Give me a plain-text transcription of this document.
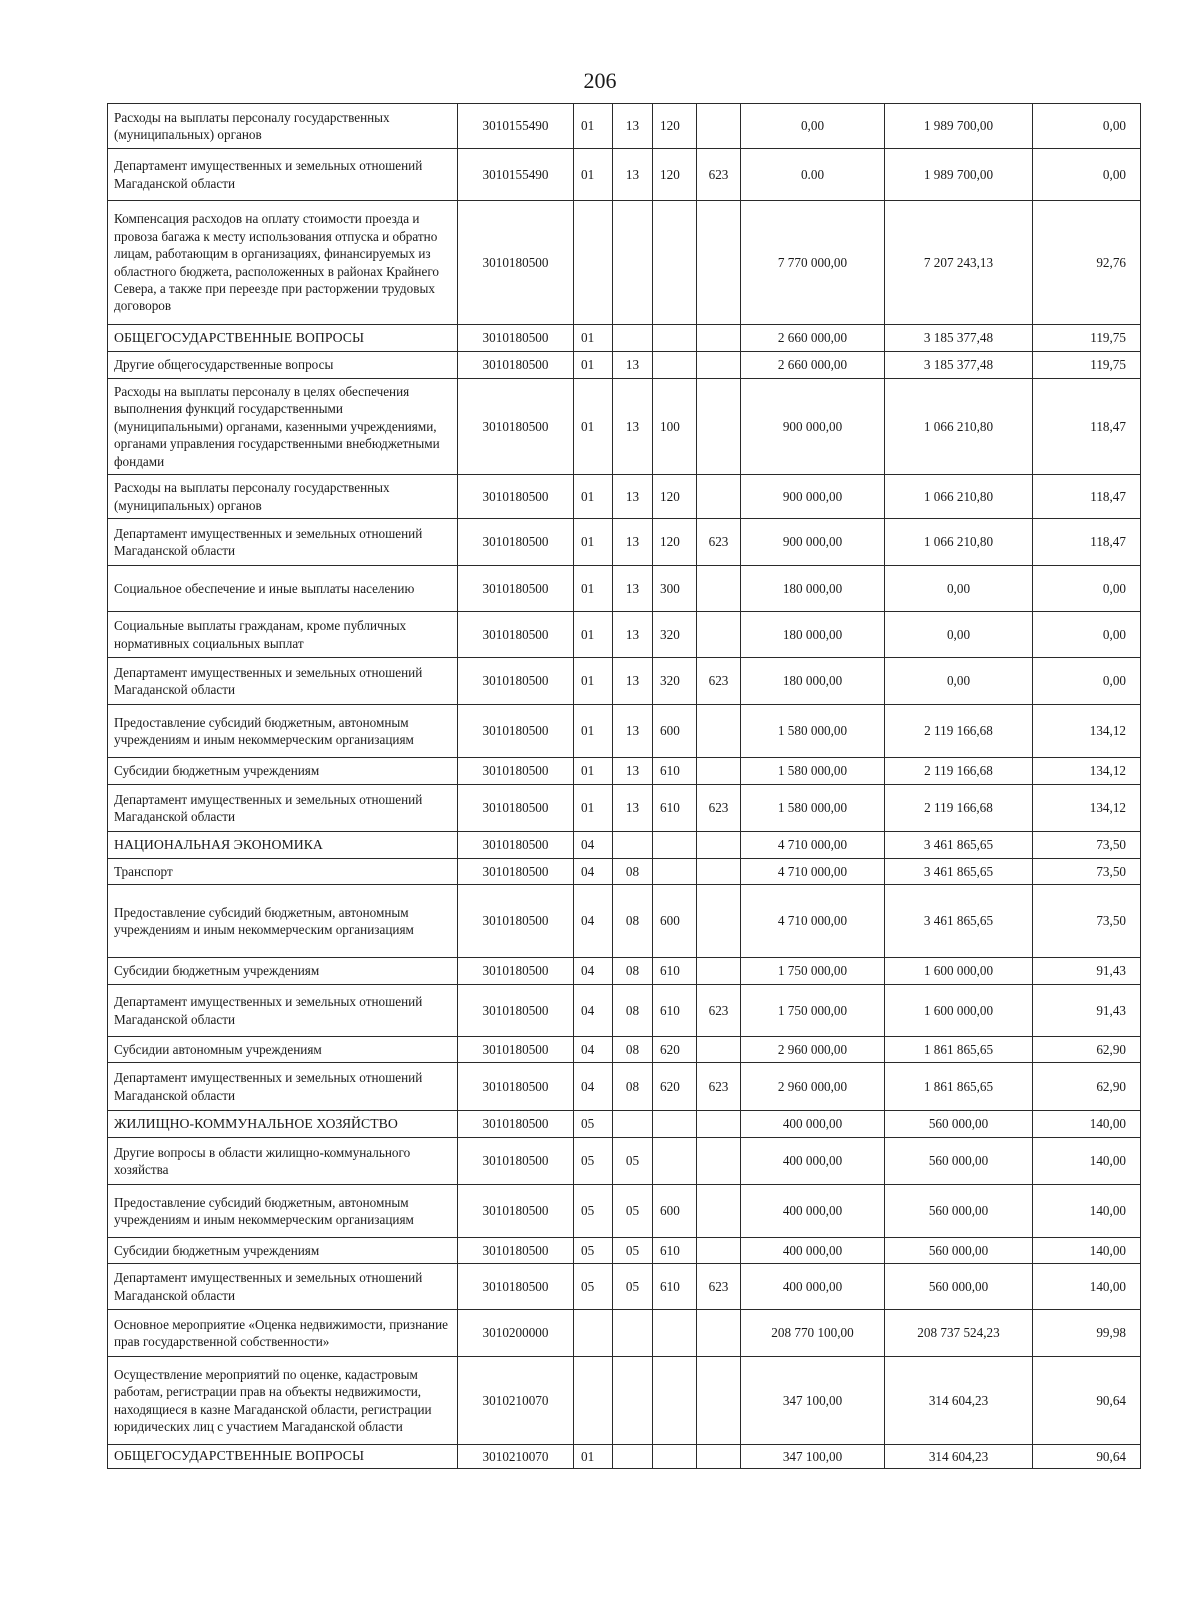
206
Расходы на выплаты персоналу государственных (муниципальных) органов	3010155490	01	13	120		0,00	1 989 700,00	0,00
Департамент имущественных и земельных отношений Магаданской области	3010155490	01	13	120	623	0.00	1 989 700,00	0,00
Компенсация расходов на оплату стоимости проезда и провоза багажа к месту использования отпуска и обратно лицам, работающим в организациях, финансируемых из областного бюджета, расположенных в районах Крайнего Севера, а также при переезде при расторжении трудовых договоров	3010180500					7 770 000,00	7 207 243,13	92,76
ОБЩЕГОСУДАРСТВЕННЫЕ ВОПРОСЫ	3010180500	01				2 660 000,00	3 185 377,48	119,75
Другие общегосударственные вопросы	3010180500	01	13			2 660 000,00	3 185 377,48	119,75
Расходы на выплаты персоналу в целях обеспечения выполнения функций государственными (муниципальными) органами, казенными учреждениями, органами управления государственными внебюджетными фондами	3010180500	01	13	100		900 000,00	1 066 210,80	118,47
Расходы на выплаты персоналу государственных (муниципальных) органов	3010180500	01	13	120		900 000,00	1 066 210,80	118,47
Департамент имущественных и земельных отношений Магаданской области	3010180500	01	13	120	623	900 000,00	1 066 210,80	118,47
Социальное обеспечение и иные выплаты населению	3010180500	01	13	300		180 000,00	0,00	0,00
Социальные выплаты гражданам, кроме публичных нормативных социальных выплат	3010180500	01	13	320		180 000,00	0,00	0,00
Департамент имущественных и земельных отношений Магаданской области	3010180500	01	13	320	623	180 000,00	0,00	0,00
Предоставление субсидий бюджетным, автономным учреждениям и иным некоммерческим организациям	3010180500	01	13	600		1 580 000,00	2 119 166,68	134,12
Субсидии бюджетным учреждениям	3010180500	01	13	610		1 580 000,00	2 119 166,68	134,12
Департамент имущественных и земельных отношений Магаданской области	3010180500	01	13	610	623	1 580 000,00	2 119 166,68	134,12
НАЦИОНАЛЬНАЯ ЭКОНОМИКА	3010180500	04				4 710 000,00	3 461 865,65	73,50
Транспорт	3010180500	04	08			4 710 000,00	3 461 865,65	73,50
Предоставление субсидий бюджетным, автономным учреждениям и иным некоммерческим организациям	3010180500	04	08	600		4 710 000,00	3 461 865,65	73,50
Субсидии бюджетным учреждениям	3010180500	04	08	610		1 750 000,00	1 600 000,00	91,43
Департамент имущественных и земельных отношений Магаданской области	3010180500	04	08	610	623	1 750 000,00	1 600 000,00	91,43
Субсидии автономным учреждениям	3010180500	04	08	620		2 960 000,00	1 861 865,65	62,90
Департамент имущественных и земельных отношений Магаданской области	3010180500	04	08	620	623	2 960 000,00	1 861 865,65	62,90
ЖИЛИЩНО-КОММУНАЛЬНОЕ ХОЗЯЙСТВО	3010180500	05				400 000,00	560 000,00	140,00
Другие вопросы в области жилищно-коммунального хозяйства	3010180500	05	05			400 000,00	560 000,00	140,00
Предоставление субсидий бюджетным, автономным учреждениям и иным некоммерческим организациям	3010180500	05	05	600		400 000,00	560 000,00	140,00
Субсидии бюджетным учреждениям	3010180500	05	05	610		400 000,00	560 000,00	140,00
Департамент имущественных и земельных отношений Магаданской области	3010180500	05	05	610	623	400 000,00	560 000,00	140,00
Основное мероприятие «Оценка недвижимости, признание прав государственной собственности»	3010200000					208 770 100,00	208 737 524,23	99,98
Осуществление мероприятий по оценке, кадастровым работам, регистрации прав на объекты недвижимости, находящиеся в казне Магаданской области, регистрации юридических лиц с участием Магаданской области	3010210070					347 100,00	314 604,23	90,64
ОБЩЕГОСУДАРСТВЕННЫЕ ВОПРОСЫ	3010210070	01				347 100,00	314 604,23	90,64
